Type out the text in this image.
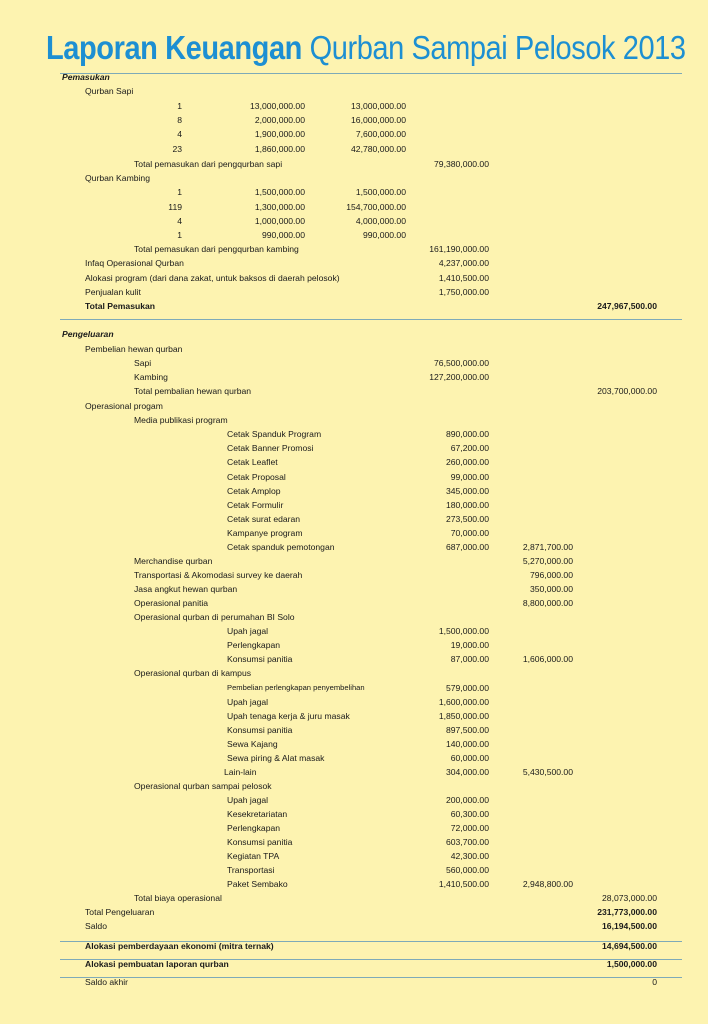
Laporan Keuangan Qurban Sampai Pelosok 2013
Pemasukan
Qurban Sapi
1	13,000,000.00	13,000,000.00
8	2,000,000.00	16,000,000.00
4	1,900,000.00	7,600,000.00
23	1,860,000.00	42,780,000.00
Total pemasukan dari pengqurban sapi	79,380,000.00
Qurban Kambing
1	1,500,000.00	1,500,000.00
119	1,300,000.00	154,700,000.00
4	1,000,000.00	4,000,000.00
1	990,000.00	990,000.00
Total pemasukan dari pengqurban kambing	161,190,000.00
Infaq Operasional Qurban	4,237,000.00
Alokasi program (dari dana zakat, untuk baksos di daerah pelosok)	1,410,500.00
Penjualan kulit	1,750,000.00
Total Pemasukan	247,967,500.00
Pengeluaran
Pembelian hewan qurban
Sapi	76,500,000.00
Kambing	127,200,000.00
Total pembalian hewan qurban	203,700,000.00
Operasional progam
Media publikasi program
Cetak Spanduk Program	890,000.00
Cetak Banner Promosi	67,200.00
Cetak Leaflet	260,000.00
Cetak Proposal	99,000.00
Cetak Amplop	345,000.00
Cetak Formulir	180,000.00
Cetak surat edaran	273,500.00
Kampanye program	70,000.00
Cetak spanduk pemotongan	687,000.00	2,871,700.00
Merchandise qurban	5,270,000.00
Transportasi & Akomodasi survey ke daerah	796,000.00
Jasa angkut hewan qurban	350,000.00
Operasional panitia	8,800,000.00
Operasional qurban di perumahan BI Solo
Upah jagal	1,500,000.00
Perlengkapan	19,000.00
Konsumsi panitia	87,000.00	1,606,000.00
Operasional qurban di kampus
Pembelian perlengkapan penyembelihan	579,000.00
Upah jagal	1,600,000.00
Upah tenaga kerja & juru masak	1,850,000.00
Konsumsi panitia	897,500.00
Sewa Kajang	140,000.00
Sewa piring & Alat masak	60,000.00
Lain-lain	304,000.00	5,430,500.00
Operasional qurban sampai pelosok
Upah jagal	200,000.00
Kesekretariatan	60,300.00
Perlengkapan	72,000.00
Konsumsi panitia	603,700.00
Kegiatan TPA	42,300.00
Transportasi	560,000.00
Paket Sembako	1,410,500.00	2,948,800.00
Total biaya operasional	28,073,000.00
Total Pengeluaran	231,773,000.00
Saldo	16,194,500.00
Alokasi pemberdayaan ekonomi (mitra ternak)	14,694,500.00
Alokasi pembuatan laporan qurban	1,500,000.00
Saldo akhir	0
